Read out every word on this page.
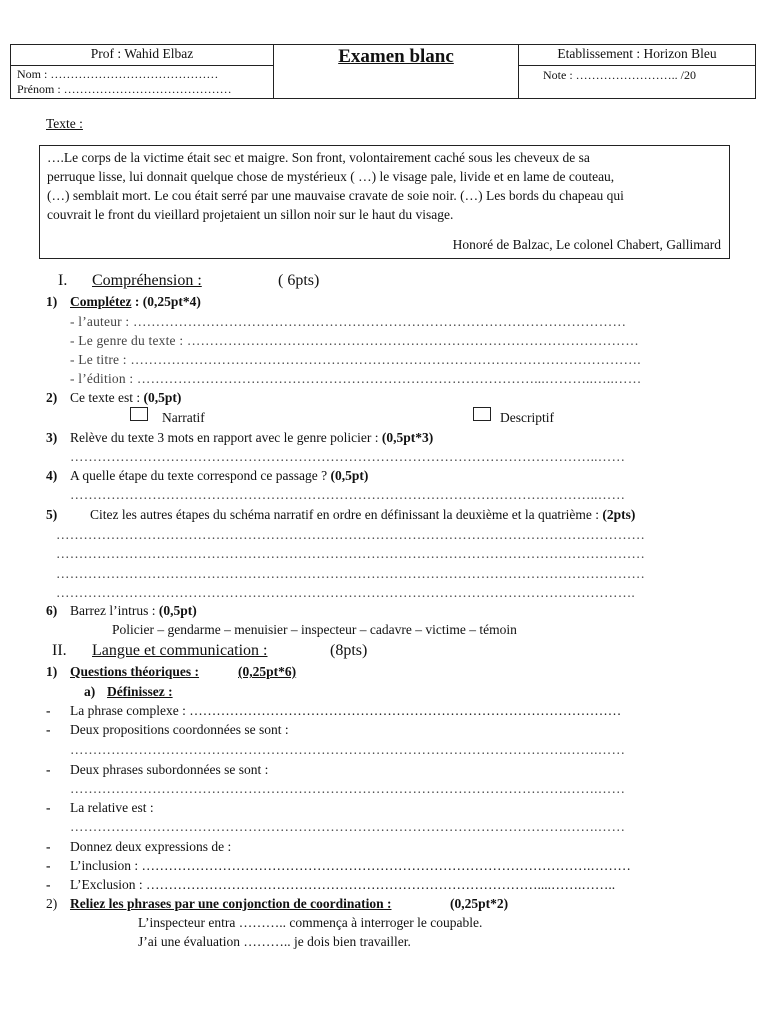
Prof : Wahid Elbaz
Nom : ……………………………………
Prénom : ……………………………………
Examen blanc	Etablissement : Horizon Bleu
Note : …………………….. /20
Texte :
….Le corps de la victime était sec et maigre. Son front, volontairement caché sous les cheveux de sa
perruque lisse, lui donnait quelque chose de mystérieux ( …) le visage pale, livide et en lame de couteau,
(…) semblait mort. Le cou était serré par une mauvaise cravate de soie noir. (…) Les bords du chapeau qui
couvrait le front du vieillard projetaient un sillon noir sur le haut du visage.
Honoré de Balzac, Le colonel Chabert, Gallimard
I. Compréhension :	( 6pts)
1) Complétez : (0,25pt*4)
- l’auteur : ………………………………………………………………………………………………
- Le genre du texte : ………………………………………………………………………………………
- Le titre : ………………………………………………………………………………………………….
- l’édition : ……………………………………………………………………………...………..…..……
2) Ce texte est : (0,5pt)
Narratif	Descriptif
3) Relève du texte 3 mots en rapport avec le genre policier : (0,5pt*3)
……………………………………………………………………………………………………..……
4) A quelle étape du texte correspond ce passage ? (0,5pt)
……………………………………………………………………………………………………..……
5) Citez les autres étapes du schéma narratif en ordre en définissant la deuxième et la quatrième : (2pts)
…………………………………………………………………………………………………………………
…………………………………………………………………………………………………………………
…………………………………………………………………………………………………………………
……………………………………………………………………………………………………………….
6) Barrez l’intrus : (0,5pt)
Policier – gendarme – menuisier – inspecteur – cadavre – victime – témoin
II. Langue et communication :	(8pts)
1) Questions théoriques :	(0,25pt*6)
a) Définissez :
- La phrase complexe : ……………………………………………………………………………………
- Deux propositions coordonnées se sont :
……………………………………………………………………………………………….…….……
- Deux phrases subordonnées se sont :
……………………………………………………………………………………………….…….……
- La relative est :
……………………………………………………………………………………………….…….……
- Donnez deux expressions de :
- L’inclusion : ……………………………………………………………………………………….………
- L’Exclusion : ……………………………………………………………………………....…….……..
2) Reliez les phrases par une conjonction de coordination :	(0,25pt*2)
L’inspecteur entra ……….. commença à interroger le coupable.
J’ai une évaluation ……….. je dois bien travailler.
